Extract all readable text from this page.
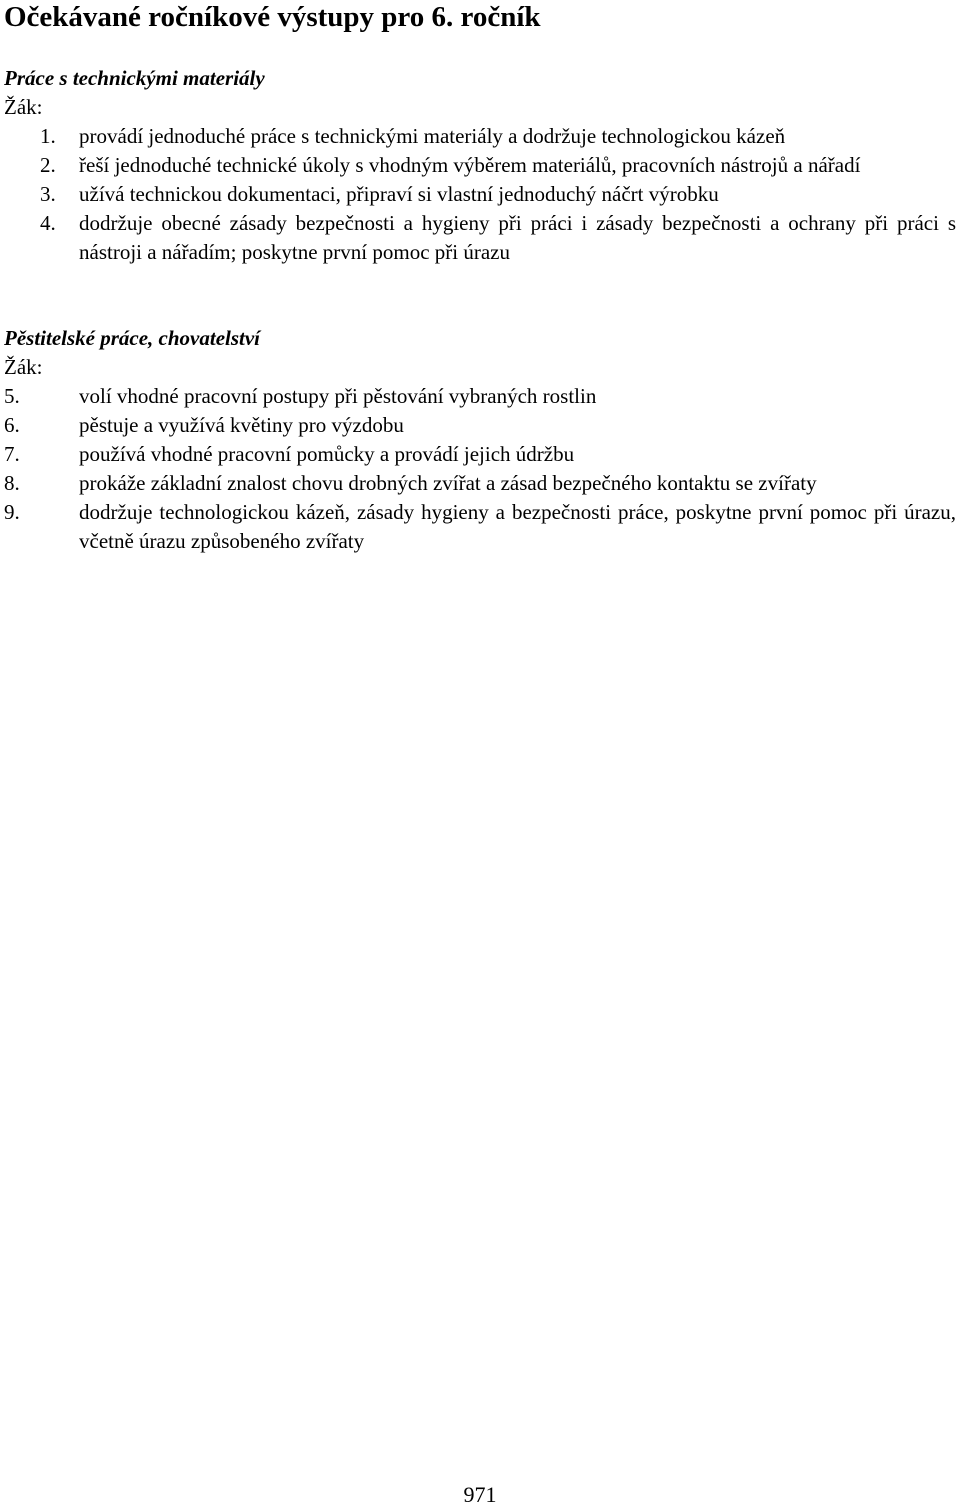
Očekávané ročníkové výstupy pro 6. ročník

Práce s technickými materiály

Žák:

1. provádí jednoduché práce s technickými materiály a dodržuje technologickou kázeň
2. řeší jednoduché technické úkoly s vhodným výběrem materiálů, pracovních nástrojů a nářadí
3. užívá technickou dokumentaci, připraví si vlastní jednoduchý náčrt výrobku
4. dodržuje obecné zásady bezpečnosti a hygieny při práci i zásady bezpečnosti a ochrany při práci s nástroji a nářadím; poskytne první pomoc při úrazu

Pěstitelské práce, chovatelství

Žák:

5.	volí vhodné pracovní postupy při pěstování vybraných rostlin
6.	pěstuje a využívá květiny pro výzdobu
7.	používá vhodné pracovní pomůcky a provádí jejich údržbu
8.	prokáže základní znalost chovu drobných zvířat a zásad bezpečného kontaktu se zvířaty
9.	dodržuje technologickou kázeň, zásady hygieny a bezpečnosti práce, poskytne první pomoc při úrazu, včetně úrazu způsobeného zvířaty
971
